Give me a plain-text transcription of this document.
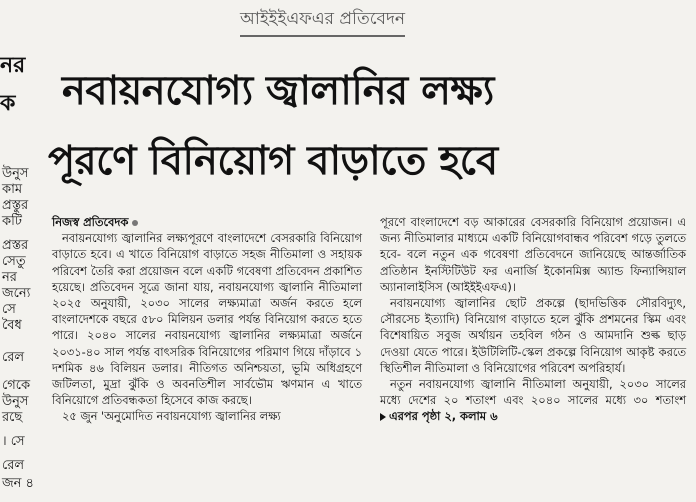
নর
ক
উনুস
কাম
প্রস্তুর
কটি
প্রস্তর
সেতু
নর
জন্যে
সে
বৈধ
রেল
গেকে
উনুস
রছে
। সে
রেল
জন ৪
আইইইএফএর প্রতিবেদন
নবায়নযোগ্য জ্বালানির লক্ষ্য
পূরণে বিনিয়োগ বাড়াতে হবে

নিজস্ব প্রতিবেদক

নবায়নযোগ্য জ্বালানির লক্ষ্যপূরণে বাংলাদেশে বেসরকারি বিনিয়োগ বাড়াতে হবে। এ খাতে বিনিয়োগ বাড়াতে সহজ নীতিমালা ও সহায়ক পরিবেশ তৈরি করা প্রয়োজন বলে একটি গবেষণা প্রতিবেদন প্রকাশিত হয়েছে। প্রতিবেদন সূত্রে জানা যায়, নবায়নযোগ্য জ্বালানি নীতিমালা ২০২৫ অনুযায়ী, ২০৩০ সালের লক্ষ্যমাত্রা অর্জন করতে হলে বাংলাদেশকে বছরে ৫৮০ মিলিয়ন ডলার পর্যন্ত বিনিয়োগ করতে হতে পারে। ২০৪০ সালের নবায়নযোগ্য জ্বালানির লক্ষ্যমাত্রা অর্জনে ২০৩১-৪০ সাল পর্যন্ত বাৎসরিক বিনিয়োগের পরিমাণ গিয়ে দাঁড়াবে ১ দশমিক ৪৬ বিলিয়ন ডলার। নীতিগত অনিশ্চয়তা, ভূমি অধিগ্রহণে জটিলতা, মুদ্রা ঝুঁকি ও অবনতিশীল সার্বভৌম ঋণমান এ খাতে বিনিয়োগে প্রতিবন্ধকতা হিসেবে কাজ করছে।

২৫ জুন 'অনুমোদিত নবায়নযোগ্য জ্বালানির লক্ষ্য

পূরণে বাংলাদেশে বড় আকারের বেসরকারি বিনিয়োগ প্রয়োজন। এ জন্য নীতিমালার মাধ্যমে একটি বিনিয়োগবান্ধব পরিবেশ গড়ে তুলতে হবে- বলে নতুন এক গবেষণা প্রতিবেদনে জানিয়েছে আন্তর্জাতিক প্রতিষ্ঠান ইনস্টিটিউট ফর এনার্জি ইকোনমিক্স অ্যান্ড ফিন্যান্সিয়াল অ্যানালাইসিস (আইইইএফএ)।

নবায়নযোগ্য জ্বালানির ছোট প্রকল্পে (ছাদভিত্তিক সৌরবিদ্যুৎ, সৌরসেচ ইত্যাদি) বিনিয়োগ বাড়াতে হলে ঝুঁকি প্রশমনের স্কিম এবং বিশেষায়িত সবুজ অর্থায়ন তহবিল গঠন ও আমদানি শুল্ক ছাড় দেওয়া যেতে পারে। ইউটিলিটি-স্কেল প্রকল্পে বিনিয়োগ আকৃষ্ট করতে স্থিতিশীল নীতিমালা ও বিনিয়োগের পরিবেশ অপরিহার্য।

নতুন নবায়নযোগ্য জ্বালানি নীতিমালা অনুযায়ী, ২০৩০ সালের মধ্যে দেশের ২০ শতাংশ এবং ২০৪০ সালের মধ্যে ৩০ শতাংশ এরপর পৃষ্ঠা ২, কলাম ৬
